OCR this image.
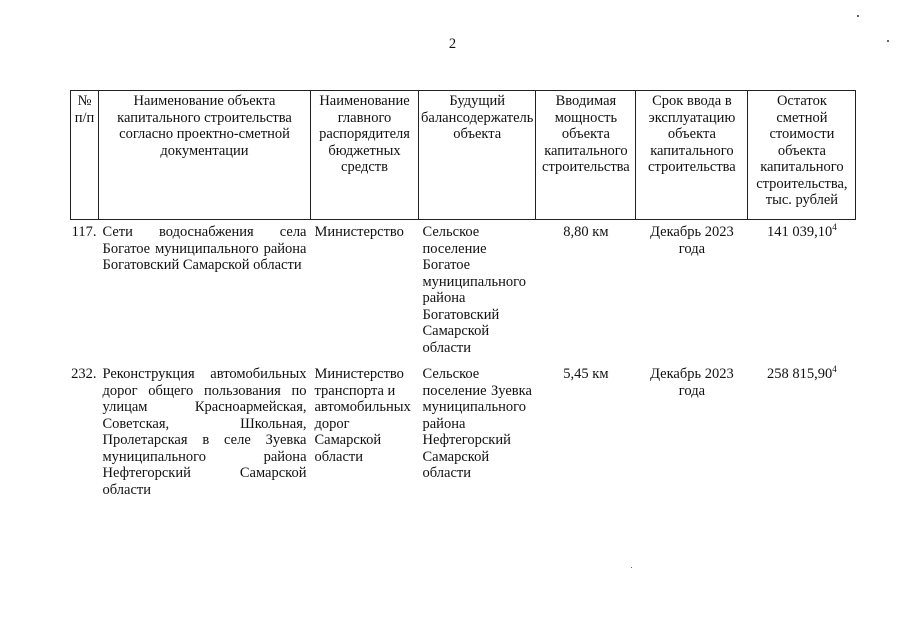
2
№ п/п	Наименование объекта капитального строительства согласно проектно-сметной документации	Наименование главного распорядителя бюджетных средств	Будущий балансодержатель объекта	Вводимая мощность объекта капитального строительства	Срок ввода в эксплуатацию объекта капитального строительства	Остаток сметной стоимости объекта капитального строительства, тыс. рублей
117.	Сети водоснабжения села Богатое муниципального района Богатовский Самарской области	Министерство	Сельское поселение Богатое муниципального района Богатовский Самарской области	8,80 км	Декабрь 2023 года	141 039,10$^4$
232.	Реконструкция автомобильных дорог общего пользования по улицам Красноармейская, Советская, Школьная, Пролетарская в селе Зуевка муниципального района Нефтегорский Самарской области	Министерство транспорта и автомобильных дорог Самарской области	Сельское поселение Зуевка муниципального района Нефтегорский Самарской области	5,45 км	Декабрь 2023 года	258 815,90$^4$
